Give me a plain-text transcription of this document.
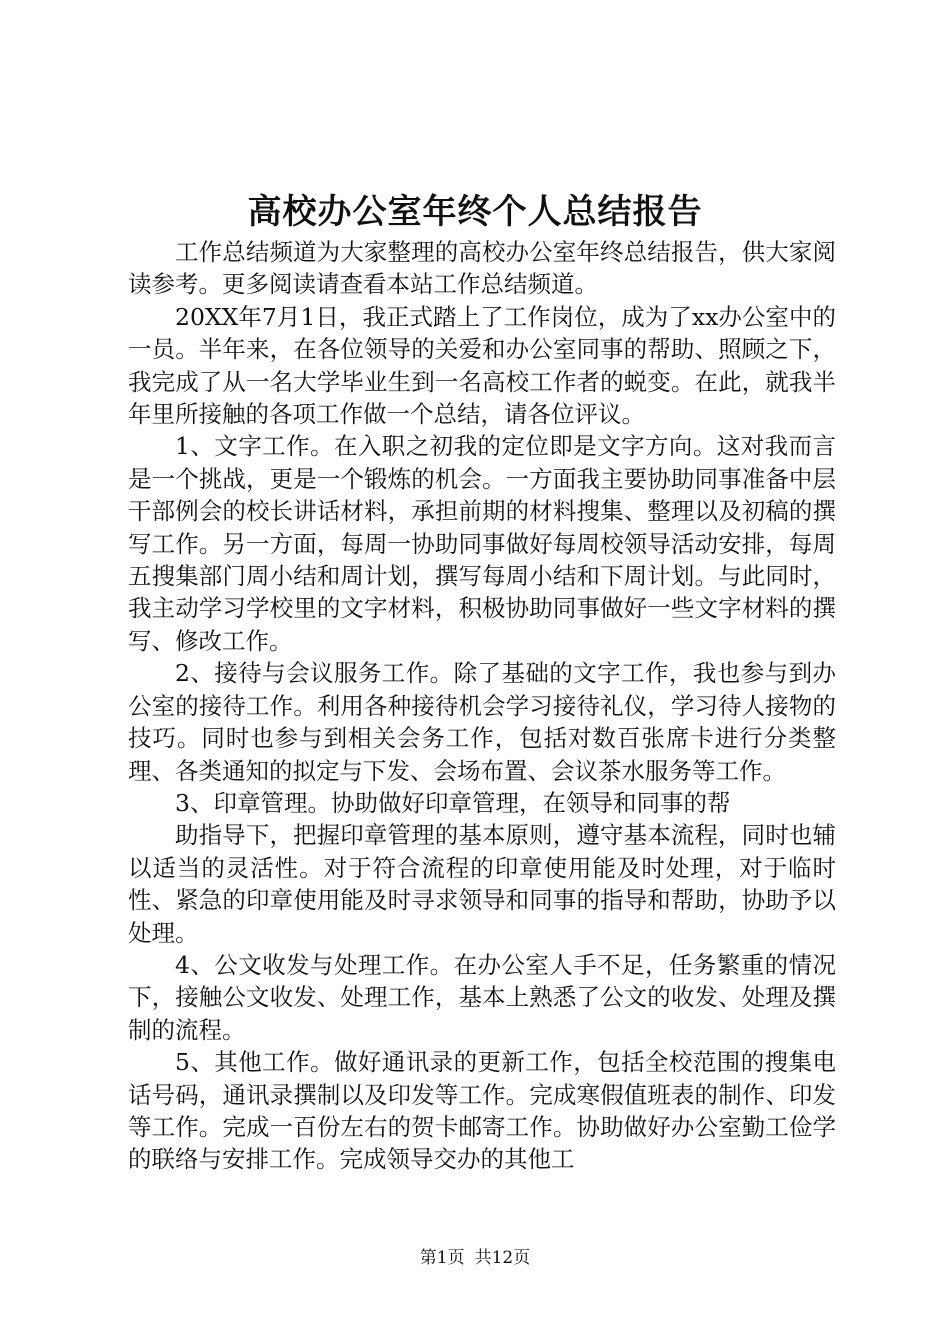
高校办公室年终个人总结报告

工作总结频道为大家整理的高校办公室年终总结报告，供大家阅读参考。更多阅读请查看本站工作总结频道。

20XX年7月1日，我正式踏上了工作岗位，成为了xx办公室中的一员。半年来，在各位领导的关爱和办公室同事的帮助、照顾之下，我完成了从一名大学毕业生到一名高校工作者的蜕变。在此，就我半年里所接触的各项工作做一个总结，请各位评议。

1、文字工作。在入职之初我的定位即是文字方向。这对我而言是一个挑战，更是一个锻炼的机会。一方面我主要协助同事准备中层干部例会的校长讲话材料，承担前期的材料搜集、整理以及初稿的撰写工作。另一方面，每周一协助同事做好每周校领导活动安排，每周五搜集部门周小结和周计划，撰写每周小结和下周计划。与此同时，我主动学习学校里的文字材料，积极协助同事做好一些文字材料的撰写、修改工作。

2、接待与会议服务工作。除了基础的文字工作，我也参与到办公室的接待工作。利用各种接待机会学习接待礼仪，学习待人接物的技巧。同时也参与到相关会务工作，包括对数百张席卡进行分类整理、各类通知的拟定与下发、会场布置、会议茶水服务等工作。

3、印章管理。协助做好印章管理，在领导和同事的帮

助指导下，把握印章管理的基本原则，遵守基本流程，同时也辅以适当的灵活性。对于符合流程的印章使用能及时处理，对于临时性、紧急的印章使用能及时寻求领导和同事的指导和帮助，协助予以处理。

4、公文收发与处理工作。在办公室人手不足，任务繁重的情况下，接触公文收发、处理工作，基本上熟悉了公文的收发、处理及撰制的流程。

5、其他工作。做好通讯录的更新工作，包括全校范围的搜集电话号码，通讯录撰制以及印发等工作。完成寒假值班表的制作、印发等工作。完成一百份左右的贺卡邮寄工作。协助做好办公室勤工俭学的联络与安排工作。完成领导交办的其他工

第1页 共12页
